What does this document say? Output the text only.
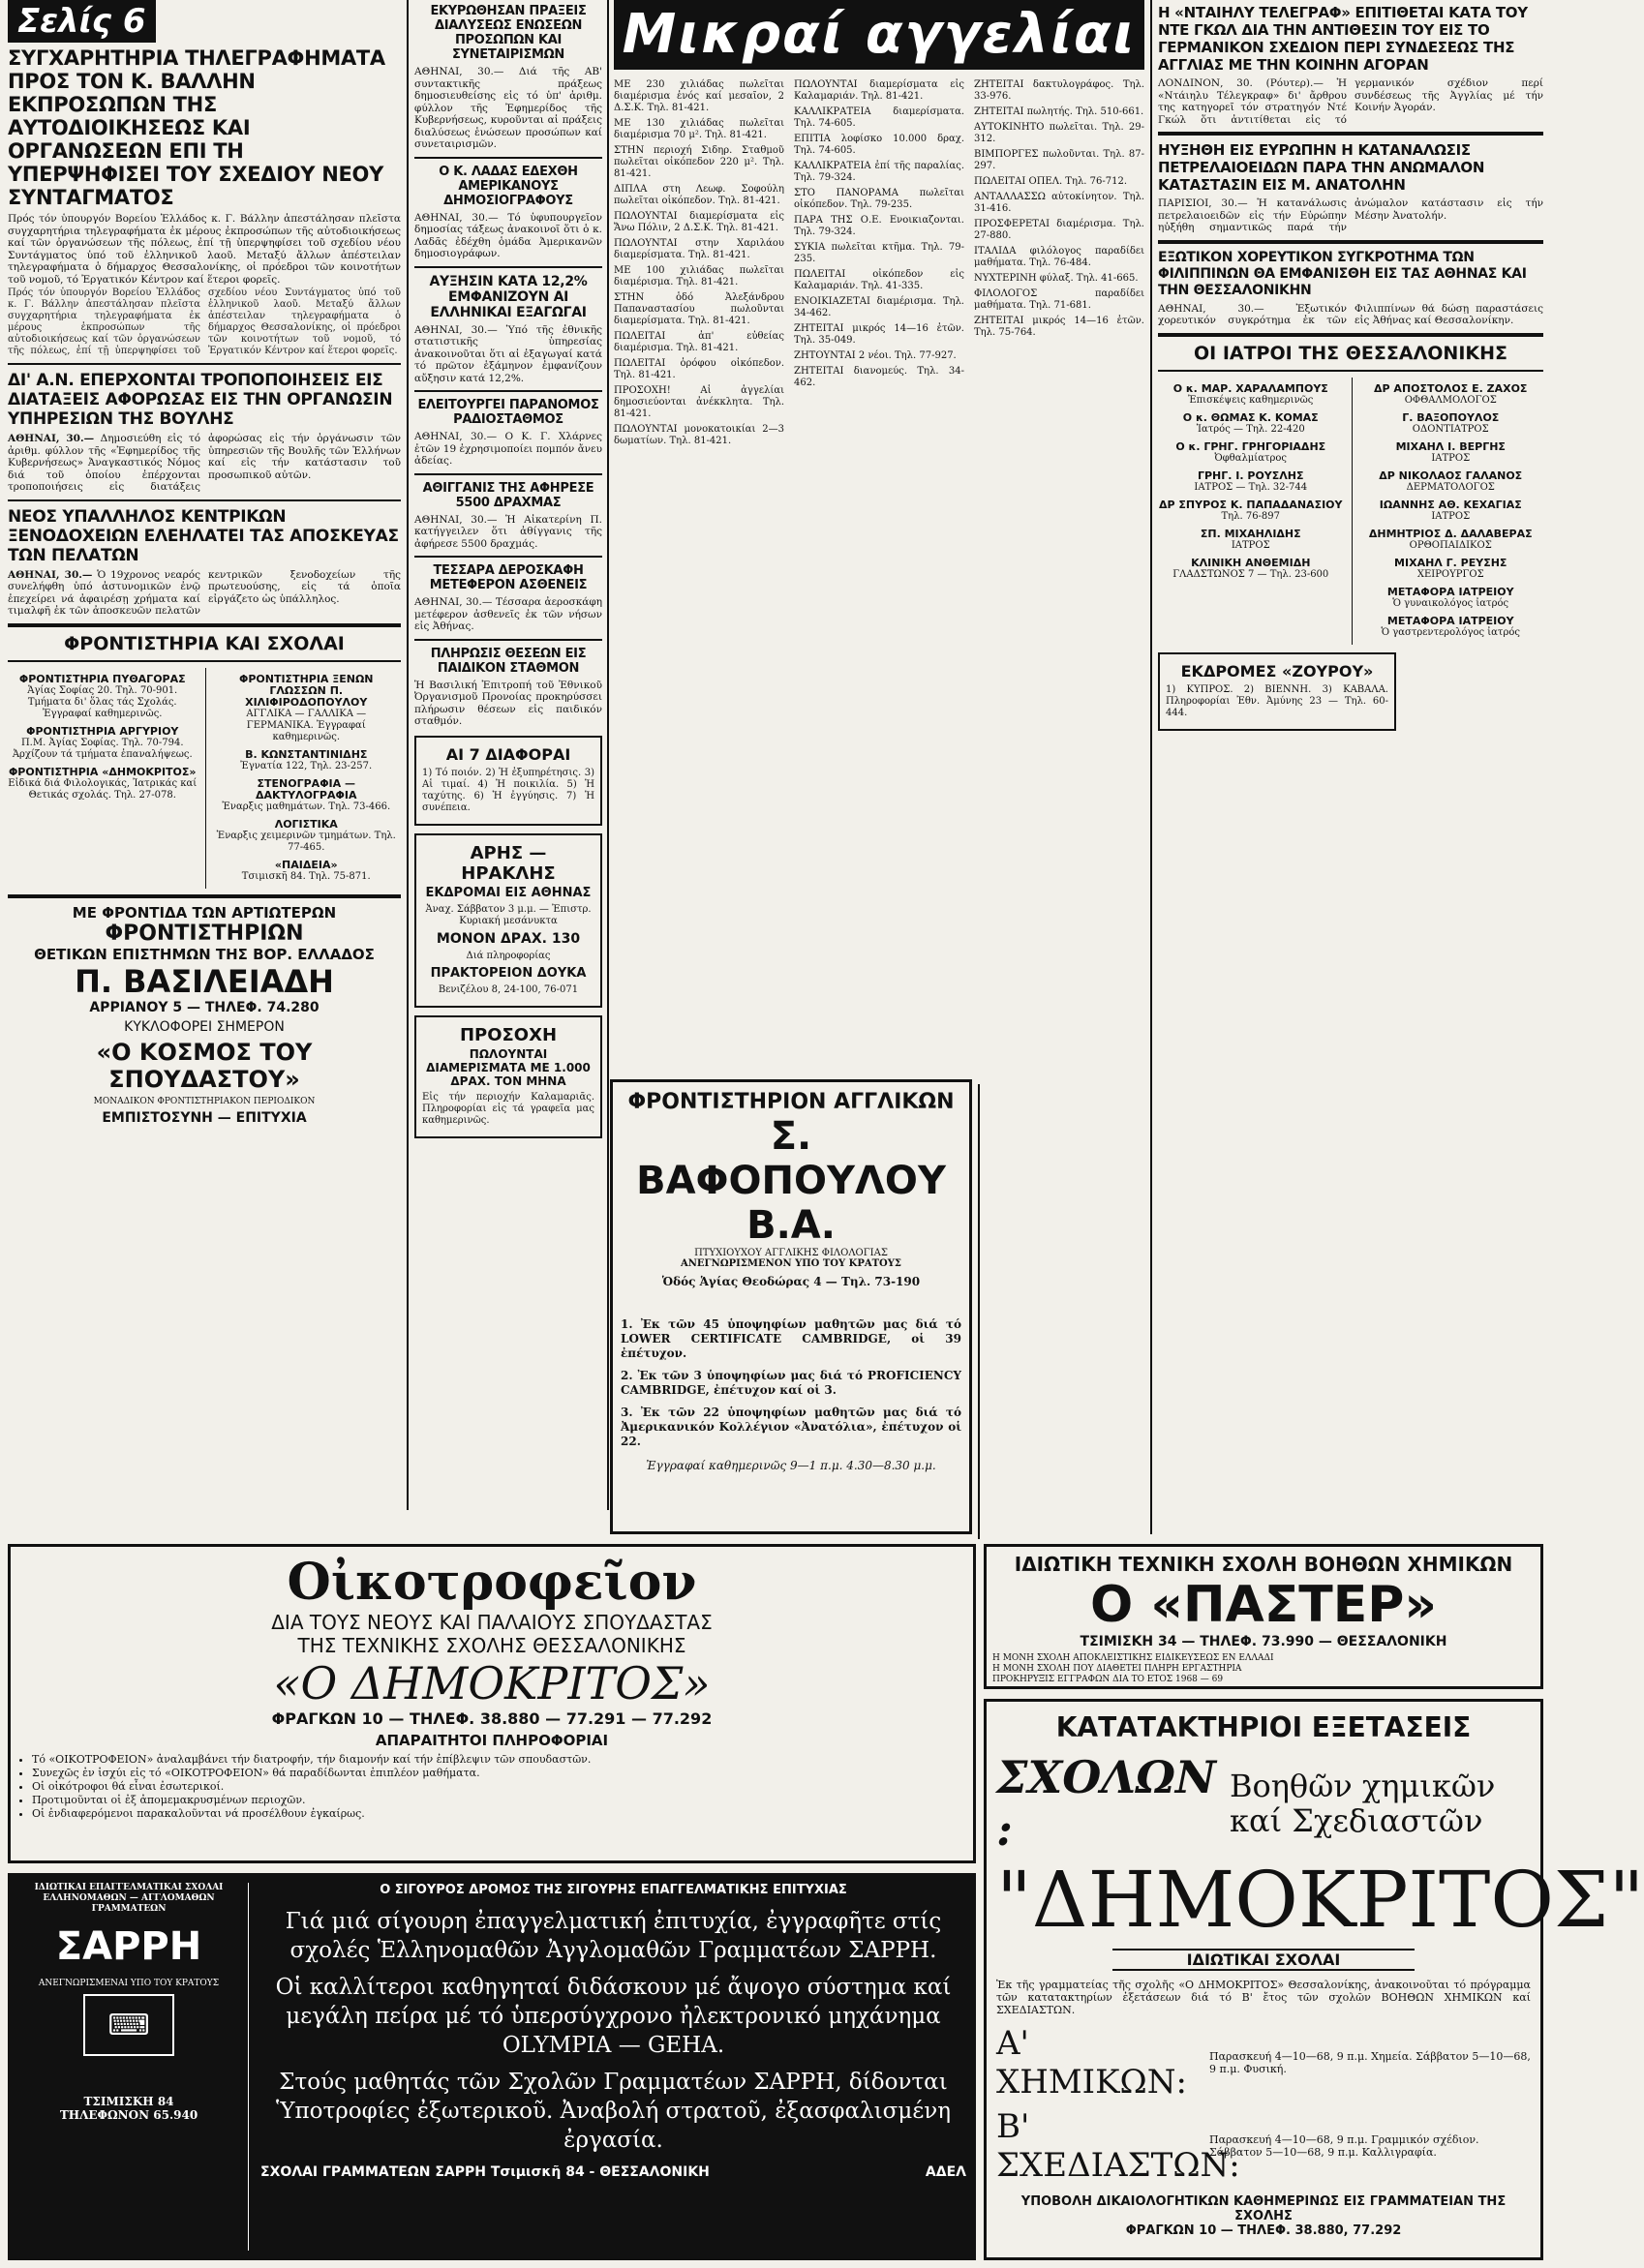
Σελίς 6
ΣΥΓΧΑΡΗΤΗΡΙΑ ΤΗΛΕΓΡΑΦΗΜΑΤΑ ΠΡΟΣ ΤΟΝ Κ. ΒΑΛΛΗΝ ΕΚΠΡΟΣΩΠΩΝ ΤΗΣ ΑΥΤΟΔΙΟΙΚΗΣΕΩΣ ΚΑΙ ΟΡΓΑΝΩΣΕΩΝ ΕΠΙ ΤΗ ΥΠΕΡΨΗΦΙΣΕΙ ΤΟΥ ΣΧΕΔΙΟΥ ΝΕΟΥ ΣΥΝΤΑΓΜΑΤΟΣ
Πρός τόν ὑπουργόν Βορείου Ἑλλάδος κ. Γ. Βάλλην ἀπεστάλησαν πλεῖστα συγχαρητήρια τηλεγραφήματα ἐκ μέρους ἐκπροσώπων τῆς αὐτοδιοικήσεως καί τῶν ὀργανώσεων τῆς πόλεως, ἐπί τῇ ὑπερψηφίσει τοῦ σχεδίου νέου Συντάγματος ὑπό τοῦ ἑλληνικοῦ λαοῦ. Μεταξύ ἄλλων ἀπέστειλαν τηλεγραφήματα ὁ δήμαρχος Θεσσαλονίκης, οἱ πρόεδροι τῶν κοινοτήτων τοῦ νομοῦ, τό Ἐργατικόν Κέντρον καί ἕτεροι φορεῖς.
Πρός τόν ὑπουργόν Βορείου Ἑλλάδος κ. Γ. Βάλλην ἀπεστάλησαν πλεῖστα συγχαρητήρια τηλεγραφήματα ἐκ μέρους ἐκπροσώπων τῆς αὐτοδιοικήσεως καί τῶν ὀργανώσεων τῆς πόλεως, ἐπί τῇ ὑπερψηφίσει τοῦ σχεδίου νέου Συντάγματος ὑπό τοῦ ἑλληνικοῦ λαοῦ. Μεταξύ ἄλλων ἀπέστειλαν τηλεγραφήματα ὁ δήμαρχος Θεσσαλονίκης, οἱ πρόεδροι τῶν κοινοτήτων τοῦ νομοῦ, τό Ἐργατικόν Κέντρον καί ἕτεροι φορεῖς.
ΔΙ' Α.Ν. ΕΠΕΡΧΟΝΤΑΙ ΤΡΟΠΟΠΟΙΗΣΕΙΣ ΕΙΣ ΔΙΑΤΑΞΕΙΣ ΑΦΟΡΩΣΑΣ ΕΙΣ ΤΗΝ ΟΡΓΑΝΩΣΙΝ ΥΠΗΡΕΣΙΩΝ ΤΗΣ ΒΟΥΛΗΣ
ΑΘΗΝΑΙ, 30.— Δημοσιεύθη εἰς τό ἀριθμ. φύλλον τῆς «Ἐφημερίδος τῆς Κυβερνήσεως» Ἀναγκαστικός Νόμος διά τοῦ ὁποίου ἐπέρχονται τροποποιήσεις εἰς διατάξεις ἀφορώσας εἰς τήν ὀργάνωσιν τῶν ὑπηρεσιῶν τῆς Βουλῆς τῶν Ἑλλήνων καί εἰς τήν κατάστασιν τοῦ προσωπικοῦ αὐτῶν.
ΝΕΟΣ ΥΠΑΛΛΗΛΟΣ ΚΕΝΤΡΙΚΩΝ ΞΕΝΟΔΟΧΕΙΩΝ ΕΛΕΗΛΑΤΕΙ ΤΑΣ ΑΠΟΣΚΕΥΑΣ ΤΩΝ ΠΕΛΑΤΩΝ
ΑΘΗΝΑΙ, 30.— Ὁ 19χρονος νεαρός συνελήφθη ὑπό ἀστυνομικῶν ἐνῷ ἐπεχείρει νά ἀφαιρέσῃ χρήματα καί τιμαλφῆ ἐκ τῶν ἀποσκευῶν πελατῶν κεντρικῶν ξενοδοχείων τῆς πρωτευούσης, εἰς τά ὁποῖα εἰργάζετο ὡς ὑπάλληλος.
ΦΡΟΝΤΙΣΤΗΡΙΑ ΚΑΙ ΣΧΟΛΑΙ
ΦΡΟΝΤΙΣΤΗΡΙΑ ΠΥΘΑΓΟΡΑΣ
Ἁγίας Σοφίας 20. Τηλ. 70-901. Τμήματα δι' ὅλας τάς Σχολάς. Ἐγγραφαί καθημερινῶς.
ΦΡΟΝΤΙΣΤΗΡΙΑ ΑΡΓΥΡΙΟΥ
Π.Μ. Ἀγίας Σοφίας. Τηλ. 70-794. Ἀρχίζουν τά τμήματα ἐπαναλήψεως.
ΦΡΟΝΤΙΣΤΗΡΙΑ «ΔΗΜΟΚΡΙΤΟΣ»
Εἰδικά διά Φιλολογικάς, Ἰατρικάς καί Θετικάς σχολάς. Τηλ. 27-078.
ΦΡΟΝΤΙΣΤΗΡΙΑ ΞΕΝΩΝ ΓΛΩΣΣΩΝ Π. ΧΙΛΙΦΙΡΟΔΟΠΟΥΛΟΥ
ΑΓΓΛΙΚΑ — ΓΑΛΛΙΚΑ — ΓΕΡΜΑΝΙΚΑ. Ἐγγραφαί καθημερινῶς.
Β. ΚΩΝΣΤΑΝΤΙΝΙΔΗΣ
Ἐγνατία 122, Τηλ. 23-257.
ΣΤΕΝΟΓΡΑΦΙΑ — ΔΑΚΤΥΛΟΓΡΑΦΙΑ
Ἐναρξις μαθημάτων. Τηλ. 73-466.
ΛΟΓΙΣΤΙΚΑ
Ἐναρξις χειμερινῶν τμημάτων. Τηλ. 77-465.
«ΠΑΙΔΕΙΑ»
Τσιμισκῆ 84. Τηλ. 75-871.
ΜΕ ΦΡΟΝΤΙΔΑ ΤΩΝ ΑΡΤΙΩΤΕΡΩΝ
ΦΡΟΝΤΙΣΤΗΡΙΩΝ
ΘΕΤΙΚΩΝ ΕΠΙΣΤΗΜΩΝ ΤΗΣ ΒΟΡ. ΕΛΛΑΔΟΣ
Π. ΒΑΣΙΛΕΙΑΔΗ
ΑΡΡΙΑΝΟΥ 5 — ΤΗΛΕΦ. 74.280
ΚΥΚΛΟΦΟΡΕΙ ΣΗΜΕΡΟΝ
«Ο ΚΟΣΜΟΣ ΤΟΥ ΣΠΟΥΔΑΣΤΟΥ»
ΜΟΝΑΔΙΚΟΝ ΦΡΟΝΤΙΣΤΗΡΙΑΚΟΝ ΠΕΡΙΟΔΙΚΟΝ
ΕΜΠΙΣΤΟΣΥΝΗ — ΕΠΙΤΥΧΙΑ
ΕΚΥΡΩΘΗΣΑΝ ΠΡΑΞΕΙΣ ΔΙΑΛΥΣΕΩΣ ΕΝΩΣΕΩΝ ΠΡΟΣΩΠΩΝ ΚΑΙ ΣΥΝΕΤΑΙΡΙΣΜΩΝ
ΑΘΗΝΑΙ, 30.— Διά τῆς ΑΒ' συντακτικῆς πράξεως δημοσιευθείσης εἰς τό ὑπ' ἀριθμ. φύλλον τῆς Ἐφημερίδος τῆς Κυβερνήσεως, κυροῦνται αἱ πράξεις διαλύσεως ἑνώσεων προσώπων καί συνεταιρισμῶν.
Ο Κ. ΛΑΔΑΣ ΕΔΕΧΘΗ ΑΜΕΡΙΚΑΝΟΥΣ ΔΗΜΟΣΙΟΓΡΑΦΟΥΣ
ΑΘΗΝΑΙ, 30.— Τό ὑφυπουργεῖον δημοσίας τάξεως ἀνακοινοῖ ὅτι ὁ κ. Λαδᾶς ἐδέχθη ὁμάδα Ἀμερικανῶν δημοσιογράφων.
ΑΥΞΗΣΙΝ ΚΑΤΑ 12,2% ΕΜΦΑΝΙΖΟΥΝ ΑΙ ΕΛΛΗΝΙΚΑΙ ΕΞΑΓΩΓΑΙ
ΑΘΗΝΑΙ, 30.— Ὑπό τῆς ἐθνικῆς στατιστικῆς ὑπηρεσίας ἀνακοινοῦται ὅτι αἱ ἐξαγωγαί κατά τό πρῶτον ἑξάμηνον ἐμφανίζουν αὔξησιν κατά 12,2%.
ΕΛΕΙΤΟΥΡΓΕΙ ΠΑΡΑΝΟΜΟΣ ΡΑΔΙΟΣΤΑΘΜΟΣ
ΑΘΗΝΑΙ, 30.— Ο Κ. Γ. Χλάρνες ἐτῶν 19 ἐχρησιμοποίει πομπόν ἄνευ ἀδείας.
ΑΘΙΓΓΑΝΙΣ ΤΗΣ ΑΦΗΡΕΣΕ 5500 ΔΡΑΧΜΑΣ
ΑΘΗΝΑΙ, 30.— Ἡ Αἰκατερίνη Π. κατήγγειλεν ὅτι ἀθίγγανις τῆς ἀφήρεσε 5500 δραχμάς.
ΤΕΣΣΑΡΑ ΔΕΡΟΣΚΑΦΗ ΜΕΤΕΦΕΡΟΝ ΑΣΘΕΝΕΙΣ
ΑΘΗΝΑΙ, 30.— Τέσσαρα ἀεροσκάφη μετέφερον ἀσθενεῖς ἐκ τῶν νήσων εἰς Ἀθήνας.
ΠΛΗΡΩΣΙΣ ΘΕΣΕΩΝ ΕΙΣ ΠΑΙΔΙΚΟΝ ΣΤΑΘΜΟΝ
Ἡ Βασιλική Ἐπιτροπή τοῦ Ἐθνικοῦ Ὀργανισμοῦ Προνοίας προκηρύσσει πλήρωσιν θέσεων εἰς παιδικόν σταθμόν.
ΑΙ 7 ΔΙΑΦΟΡΑΙ
1) Τό ποιόν. 2) Ἡ ἐξυπηρέτησις. 3) Αἱ τιμαί. 4) Ἡ ποικιλία. 5) Ἡ ταχύτης. 6) Ἡ ἐγγύησις. 7) Ἡ συνέπεια.
ΑΡΗΣ — ΗΡΑΚΛΗΣ
ΕΚΔΡΟΜΑΙ ΕΙΣ ΑΘΗΝΑΣ
Ἀναχ. Σάββατον 3 μ.μ. — Ἐπιστρ. Κυριακή μεσάνυκτα
ΜΟΝΟΝ ΔΡΑΧ. 130
Διά πληροφορίας
ΠΡΑΚΤΟΡΕΙΟΝ ΔΟΥΚΑ
Βενιζέλου 8, 24-100, 76-071
ΠΡΟΣΟΧΗ
ΠΩΛΟΥΝΤΑΙ ΔΙΑΜΕΡΙΣΜΑΤΑ ΜΕ 1.000 ΔΡΑΧ. ΤΟΝ ΜΗΝΑ
Εἰς τήν περιοχήν Καλαμαριᾶς. Πληροφορίαι εἰς τά γραφεῖα μας καθημερινῶς.
Μικραί αγγελίαι
ΜΕ 230 χιλιάδας πωλεῖται διαμέρισμα ἑνός καί μεσαῖον, 2 Δ.Σ.Κ. Τηλ. 81-421.
ΜΕ 130 χιλιάδας πωλεῖται διαμέρισμα 70 μ². Τηλ. 81-421.
ΣΤΗΝ περιοχή Σιδηρ. Σταθμοῦ πωλεῖται οἰκόπεδον 220 μ². Τηλ. 81-421.
ΔΙΠΛΑ στη Λεωφ. Σοφούλη πωλεῖται οἰκόπεδον. Τηλ. 81-421.
ΠΩΛΟΥΝΤΑΙ διαμερίσματα εἰς Ἄνω Πόλιν, 2 Δ.Σ.Κ. Τηλ. 81-421.
ΠΩΛΟΥΝΤΑΙ στην Χαριλάου διαμερίσματα. Τηλ. 81-421.
ΜΕ 100 χιλιάδας πωλεῖται διαμέρισμα. Τηλ. 81-421.
ΣΤΗΝ ὁδό Ἀλεξάνδρου Παπαναστασίου πωλοῦνται διαμερίσματα. Τηλ. 81-421.
ΠΩΛΕΙΤΑΙ ἀπ' εὐθείας διαμέρισμα. Τηλ. 81-421.
ΠΩΛΕΙΤΑΙ ὁρόφου οἰκόπεδον. Τηλ. 81-421.
ΠΡΟΣΟΧΗ! Αἱ ἀγγελίαι δημοσιεύονται ἀνέκκλητα. Τηλ. 81-421.
ΠΩΛΟΥΝΤΑΙ μονοκατοικίαι 2—3 δωματίων. Τηλ. 81-421.
ΠΩΛΟΥΝΤΑΙ διαμερίσματα εἰς Καλαμαριάν. Τηλ. 81-421.
ΚΑΛΛΙΚΡΑΤΕΙΑ διαμερίσματα. Τηλ. 74-605.
ΕΠΙΤΙΑ λοφίσκο 10.000 δραχ. Τηλ. 74-605.
ΚΑΛΛΙΚΡΑΤΕΙΑ ἐπί τῆς παραλίας. Τηλ. 79-324.
ΣΤΟ ΠΑΝΟΡΑΜΑ πωλεῖται οἰκόπεδον. Τηλ. 79-235.
ΠΑΡΑ ΤΗΣ Ο.Ε. Ενοικιαζονται. Τηλ. 79-324.
ΣΥΚΙΑ πωλεῖται κτῆμα. Τηλ. 79-235.
ΠΩΛΕΙΤΑΙ οἰκόπεδον εἰς Καλαμαριάν. Τηλ. 41-335.
ΕΝΟΙΚΙΑΖΕΤΑΙ διαμέρισμα. Τηλ. 34-462.
ΖΗΤΕΙΤΑΙ μικρός 14—16 ἐτῶν. Τηλ. 35-049.
ΖΗΤΟΥΝΤΑΙ 2 νέοι. Τηλ. 77-927.
ΖΗΤΕΙΤΑΙ διανομεύς. Τηλ. 34-462.
ΖΗΤΕΙΤΑΙ δακτυλογράφος. Τηλ. 33-976.
ΖΗΤΕΙΤΑΙ πωλητής. Τηλ. 510-661.
ΑΥΤΟΚΙΝΗΤΟ πωλεῖται. Τηλ. 29-312.
ΒΙΜΠΟΡΓΕΣ πωλοῦνται. Τηλ. 87-297.
ΠΩΛΕΙΤΑΙ ΟΠΕΛ. Τηλ. 76-712.
ΑΝΤΑΛΛΑΣΣΩ αὐτοκίνητον. Τηλ. 31-416.
ΠΡΟΣΦΕΡΕΤΑΙ διαμέρισμα. Τηλ. 27-880.
ΙΤΑΛΙΔΑ φιλόλογος παραδίδει μαθήματα. Τηλ. 76-484.
ΝΥΧΤΕΡΙΝΗ φύλαξ. Τηλ. 41-665.
ΦΙΛΟΛΟΓΟΣ παραδίδει μαθήματα. Τηλ. 71-681.
ΖΗΤΕΙΤΑΙ μικρός 14—16 ἐτῶν. Τηλ. 75-764.
Η «ΝΤΑΙΗΛΥ ΤΕΛΕΓΡΑΦ» ΕΠΙΤΙΘΕΤΑΙ ΚΑΤΑ ΤΟΥ ΝΤΕ ΓΚΩΛ ΔΙΑ ΤΗΝ ΑΝΤΙΘΕΣΙΝ ΤΟΥ ΕΙΣ ΤΟ ΓΕΡΜΑΝΙΚΟΝ ΣΧΕΔΙΟΝ ΠΕΡΙ ΣΥΝΔΕΣΕΩΣ ΤΗΣ ΑΓΓΛΙΑΣ ΜΕ ΤΗΝ ΚΟΙΝΗΝ ΑΓΟΡΑΝ
ΛΟΝΔΙΝΟΝ, 30. (Ρόυτερ).— Ἡ «Ντάιηλυ Τέλεγκραφ» δι' ἄρθρου της κατηγορεῖ τόν στρατηγόν Ντέ Γκώλ ὅτι ἀντιτίθεται εἰς τό γερμανικόν σχέδιον περί συνδέσεως τῆς Ἀγγλίας μέ τήν Κοινήν Ἀγοράν.
ΗΥΞΗΘΗ ΕΙΣ ΕΥΡΩΠΗΝ Η ΚΑΤΑΝΑΛΩΣΙΣ ΠΕΤΡΕΛΑΙΟΕΙΔΩΝ ΠΑΡΑ ΤΗΝ ΑΝΩΜΑΛΟΝ ΚΑΤΑΣΤΑΣΙΝ ΕΙΣ Μ. ΑΝΑΤΟΛΗΝ
ΠΑΡΙΣΙΟΙ, 30.— Ἡ κατανάλωσις πετρελαιοειδῶν εἰς τήν Εὐρώπην ηὐξήθη σημαντικῶς παρά τήν ἀνώμαλον κατάστασιν εἰς τήν Μέσην Ἀνατολήν.
ΕΞΩΤΙΚΟΝ ΧΟΡΕΥΤΙΚΟΝ ΣΥΓΚΡΟΤΗΜΑ ΤΩΝ ΦΙΛΙΠΠΙΝΩΝ ΘΑ ΕΜΦΑΝΙΣΘΗ ΕΙΣ ΤΑΣ ΑΘΗΝΑΣ ΚΑΙ ΤΗΝ ΘΕΣΣΑΛΟΝΙΚΗΝ
ΑΘΗΝΑΙ, 30.— Ἐξωτικόν χορευτικόν συγκρότημα ἐκ τῶν Φιλιππίνων θά δώσῃ παραστάσεις εἰς Ἀθήνας καί Θεσσαλονίκην.
ΟΙ ΙΑΤΡΟΙ ΤΗΣ ΘΕΣΣΑΛΟΝΙΚΗΣ
Ο κ. ΜΑΡ. ΧΑΡΑΛΑΜΠΟΥΣ
Ἐπισκέψεις καθημερινῶς
Ο κ. ΘΩΜΑΣ Κ. ΚΟΜΑΣ
Ἰατρός — Τηλ. 22-420
Ο κ. ΓΡΗΓ. ΓΡΗΓΟΡΙΑΔΗΣ
Ὀφθαλμίατρος
ΓΡΗΓ. Ι. ΡΟΥΣΛΗΣ
ΙΑΤΡΟΣ — Τηλ. 32-744
ΔΡ ΣΠΥΡΟΣ Κ. ΠΑΠΑΔΑΝΑΣΙΟΥ
Τηλ. 76-897
ΣΠ. ΜΙΧΑΗΛΙΔΗΣ
ΙΑΤΡΟΣ
ΚΛΙΝΙΚΗ ΑΝΘΕΜΙΔΗ
ΓΛΑΔΣΤΩΝΟΣ 7 — Τηλ. 23-600
ΔΡ ΑΠΟΣΤΟΛΟΣ Ε. ΖΑΧΟΣ
ΟΦΘΑΛΜΟΛΟΓΟΣ
Γ. ΒΑΞΟΠΟΥΛΟΣ
ΟΔΟΝΤΙΑΤΡΟΣ
ΜΙΧΑΗΛ Ι. ΒΕΡΓΗΣ
ΙΑΤΡΟΣ
ΔΡ ΝΙΚΟΛΑΟΣ ΓΑΛΑΝΟΣ
ΔΕΡΜΑΤΟΛΟΓΟΣ
ΙΩΑΝΝΗΣ ΑΘ. ΚΕΧΑΓΙΑΣ
ΙΑΤΡΟΣ
ΔΗΜΗΤΡΙΟΣ Δ. ΔΑΛΑΒΕΡΑΣ
ΟΡΘΟΠΑΙΔΙΚΟΣ
ΜΙΧΑΗΛ Γ. ΡΕΥΣΗΣ
ΧΕΙΡΟΥΡΓΟΣ
ΜΕΤΑΦΟΡΑ ΙΑΤΡΕΙΟΥ
Ὁ γυναικολόγος ἰατρός
ΜΕΤΑΦΟΡΑ ΙΑΤΡΕΙΟΥ
Ὁ γαστρεντερολόγος ἰατρός
ΕΚΔΡΟΜΕΣ «ΖΟΥΡΟΥ»
1) ΚΥΠΡΟΣ. 2) ΒΙΕΝΝΗ. 3) ΚΑΒΑΛΑ. Πληροφορίαι Ἐθν. Ἀμύνης 23 — Τηλ. 60-444.
ΦΡΟΝΤΙΣΤΗΡΙΟΝ ΑΓΓΛΙΚΩΝ
Σ. ΒΑΦΟΠΟΥΛΟΥ Β.Α.
ΠΤΥΧΙΟΥΧΟΥ ΑΓΓΛΙΚΗΣ ΦΙΛΟΛΟΓΙΑΣ
ΑΝΕΓΝΩΡΙΣΜΕΝΟΝ ΥΠΟ ΤΟΥ ΚΡΑΤΟΥΣ
Ὁδός Ἁγίας Θεοδώρας 4 — Τηλ. 73-190
1. Ἐκ τῶν 45 ὑποψηφίων μαθητῶν μας διά τό LOWER CERTIFICATE CAMBRIDGE, οἱ 39 ἐπέτυχον.
2. Ἐκ τῶν 3 ὑποψηφίων μας διά τό PROFICIENCY CAMBRIDGE, ἐπέτυχον καί οἱ 3.
3. Ἐκ τῶν 22 ὑποψηφίων μαθητῶν μας διά τό Ἀμερικανικόν Κολλέγιον «Ἀνατόλια», ἐπέτυχον οἱ 22.
Ἐγγραφαί καθημερινῶς 9—1 π.μ. 4.30—8.30 μ.μ.
ΙΔΙΩΤΙΚΗ ΤΕΧΝΙΚΗ ΣΧΟΛΗ ΒΟΗΘΩΝ ΧΗΜΙΚΩΝ
Ο «ΠΑΣΤΕΡ»
ΤΣΙΜΙΣΚΗ 34 — ΤΗΛΕΦ. 73.990 — ΘΕΣΣΑΛΟΝΙΚΗ
Η ΜΟΝΗ ΣΧΟΛΗ ΑΠΟΚΛΕΙΣΤΙΚΗΣ ΕΙΔΙΚΕΥΣΕΩΣ ΕΝ ΕΛΛΑΔΙ
Η ΜΟΝΗ ΣΧΟΛΗ ΠΟΥ ΔΙΑΘΕΤΕΙ ΠΛΗΡΗ ΕΡΓΑΣΤΗΡΙΑ
ΠΡΟΚΗΡΥΞΙΣ ΕΓΓΡΑΦΩΝ ΔΙΑ ΤΟ ΕΤΟΣ 1968 — 69
ΚΑΤΑΤΑΚΤΗΡΙΟΙ ΕΞΕΤΑΣΕΙΣ
ΣΧΟΛΩΝ :
Βοηθῶν χημικῶν καί Σχεδιαστῶν
"ΔΗΜΟΚΡΙΤΟΣ"
ΙΔΙΩΤΙΚΑΙ ΣΧΟΛΑΙ
Ἐκ τῆς γραμματείας τῆς σχολῆς «Ο ΔΗΜΟΚΡΙΤΟΣ» Θεσσαλονίκης, ἀνακοινοῦται τό πρόγραμμα τῶν κατατακτηρίων ἐξετάσεων διά τό Β' ἔτος τῶν σχολῶν ΒΟΗΘΩΝ ΧΗΜΙΚΩΝ καί ΣΧΕΔΙΑΣΤΩΝ.
Α' ΧΗΜΙΚΩΝ:
Παρασκευή 4—10—68, 9 π.μ. Χημεία. Σάββατον 5—10—68, 9 π.μ. Φυσική.
Β' ΣΧΕΔΙΑΣΤΩΝ:
Παρασκευή 4—10—68, 9 π.μ. Γραμμικόν σχέδιον. Σάββατον 5—10—68, 9 π.μ. Καλλιγραφία.
ΥΠΟΒΟΛΗ ΔΙΚΑΙΟΛΟΓΗΤΙΚΩΝ ΚΑΘΗΜΕΡΙΝΩΣ ΕΙΣ ΓΡΑΜΜΑΤΕΙΑΝ ΤΗΣ ΣΧΟΛΗΣ
ΦΡΑΓΚΩΝ 10 — ΤΗΛΕΦ. 38.880, 77.292
Οἰκοτροφεῖον
ΔΙΑ ΤΟΥΣ ΝΕΟΥΣ ΚΑΙ ΠΑΛΑΙΟΥΣ ΣΠΟΥΔΑΣΤΑΣ
ΤΗΣ ΤΕΧΝΙΚΗΣ ΣΧΟΛΗΣ ΘΕΣΣΑΛΟΝΙΚΗΣ
«Ο ΔΗΜΟΚΡΙΤΟΣ»
ΦΡΑΓΚΩΝ 10 — ΤΗΛΕΦ. 38.880 — 77.291 — 77.292
ΑΠΑΡΑΙΤΗΤΟΙ ΠΛΗΡΟΦΟΡΙΑΙ
• Τό «ΟΙΚΟΤΡΟΦΕΙΟΝ» ἀναλαμβάνει τήν διατροφήν, τήν διαμονήν καί τήν ἐπίβλεψιν τῶν σπουδαστῶν.
• Συνεχῶς ἐν ἰσχύι εἰς τό «ΟΙΚΟΤΡΟΦΕΙΟΝ» θά παραδίδωνται ἐπιπλέον μαθήματα.
• Οἱ οἰκότροφοι θά εἶναι ἐσωτερικοί.
• Προτιμοῦνται οἱ ἐξ ἀπομεμακρυσμένων περιοχῶν.
• Οἱ ἐνδιαφερόμενοι παρακαλοῦνται νά προσέλθουν ἐγκαίρως.
ΙΔΙΩΤΙΚΑΙ ΕΠΑΓΓΕΛΜΑΤΙΚΑΙ ΣΧΟΛΑΙ ΕΛΛΗΝΟΜΑΘΩΝ — ΑΓΓΛΟΜΑΘΩΝ ΓΡΑΜΜΑΤΕΩΝ
ΣΑΡΡΗ
ΑΝΕΓΝΩΡΙΣΜΕΝΑΙ ΥΠΟ ΤΟΥ ΚΡΑΤΟΥΣ
⌨
ΤΣΙΜΙΣΚΗ 84
ΤΗΛΕΦΩΝΟΝ 65.940
Ο ΣΙΓΟΥΡΟΣ ΔΡΟΜΟΣ ΤΗΣ ΣΙΓΟΥΡΗΣ ΕΠΑΓΓΕΛΜΑΤΙΚΗΣ ΕΠΙΤΥΧΙΑΣ
Γιά μιά σίγουρη ἐπαγγελματική ἐπιτυχία, ἐγγραφῆτε στίς σχολές Ἑλληνομαθῶν Ἀγγλομαθῶν Γραμματέων ΣΑΡΡΗ.
Οἱ καλλίτεροι καθηγηταί διδάσκουν μέ ἄψογο σύστημα καί μεγάλη πείρα μέ τό ὑπερσύγχρονο ἠλεκτρονικό μηχάνημα OLYMPIA — GEHA.
Στούς μαθητάς τῶν Σχολῶν Γραμματέων ΣΑΡΡΗ, δίδονται Ὑποτροφίες ἐξωτερικοῦ. Ἀναβολή στρατοῦ, ἐξασφαλισμένη ἐργασία.
ΣΧΟΛΑΙ ΓΡΑΜΜΑΤΕΩΝ ΣΑΡΡΗ Τσιμισκῆ 84 - ΘΕΣΣΑΛΟΝΙΚΗ	ΑΔΕΛ
